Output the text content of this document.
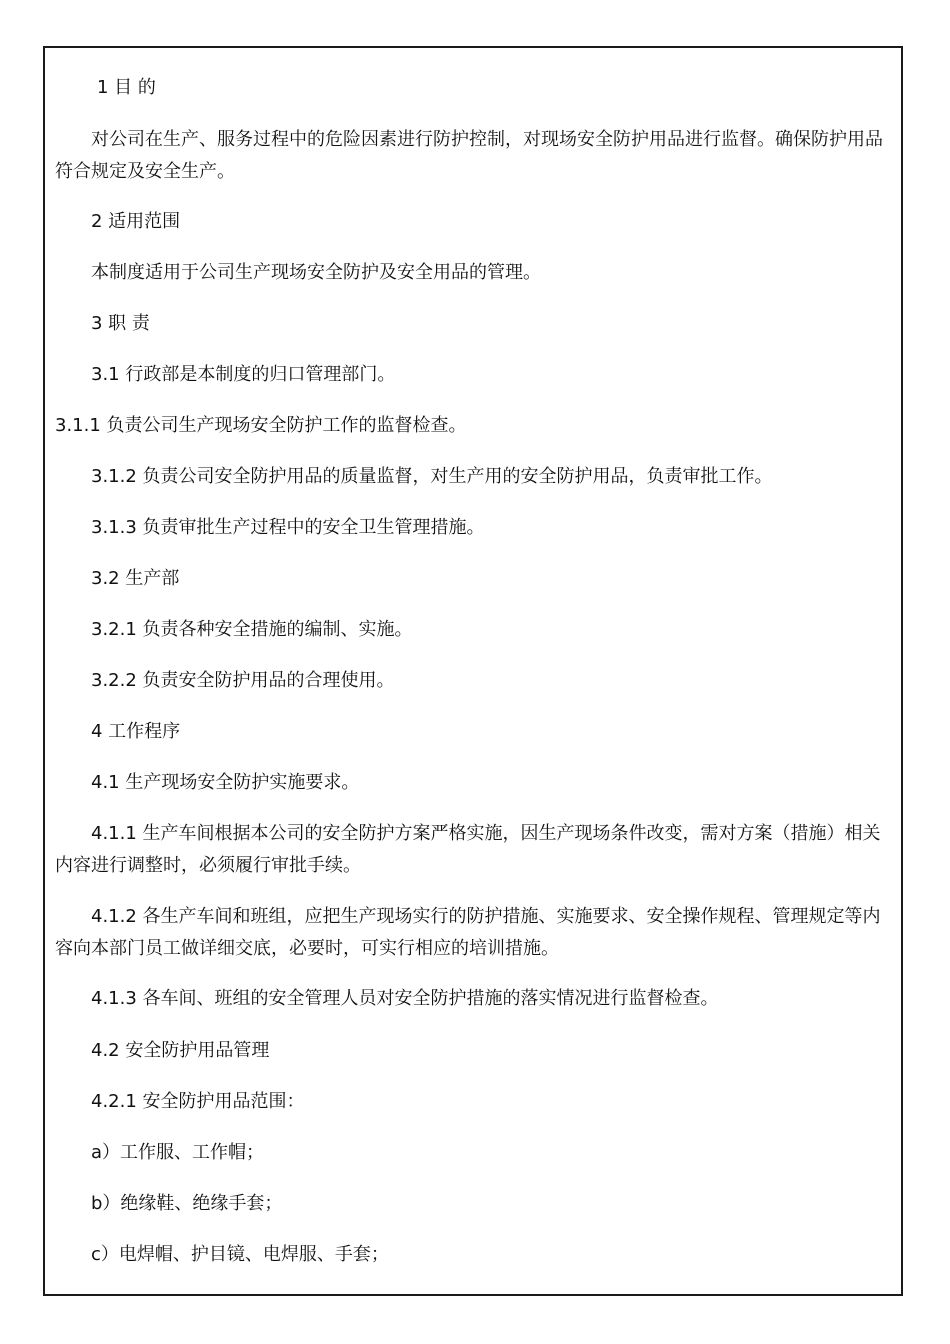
1 目 的
对公司在生产、服务过程中的危险因素进行防护控制，对现场安全防护用品进行监督。确保防护用品符合规定及安全生产。
2 适用范围
本制度适用于公司生产现场安全防护及安全用品的管理。
3 职 责
3.1 行政部是本制度的归口管理部门。
3.1.1 负责公司生产现场安全防护工作的监督检查。
3.1.2 负责公司安全防护用品的质量监督，对生产用的安全防护用品，负责审批工作。
3.1.3 负责审批生产过程中的安全卫生管理措施。
3.2 生产部
3.2.1 负责各种安全措施的编制、实施。
3.2.2 负责安全防护用品的合理使用。
4 工作程序
4.1 生产现场安全防护实施要求。
4.1.1 生产车间根据本公司的安全防护方案严格实施，因生产现场条件改变，需对方案（措施）相关内容进行调整时，必须履行审批手续。
4.1.2 各生产车间和班组，应把生产现场实行的防护措施、实施要求、安全操作规程、管理规定等内容向本部门员工做详细交底，必要时，可实行相应的培训措施。
4.1.3 各车间、班组的安全管理人员对安全防护措施的落实情况进行监督检查。
4.2 安全防护用品管理
4.2.1 安全防护用品范围：
a）工作服、工作帽；
b）绝缘鞋、绝缘手套；
c）电焊帽、护目镜、电焊服、手套；
